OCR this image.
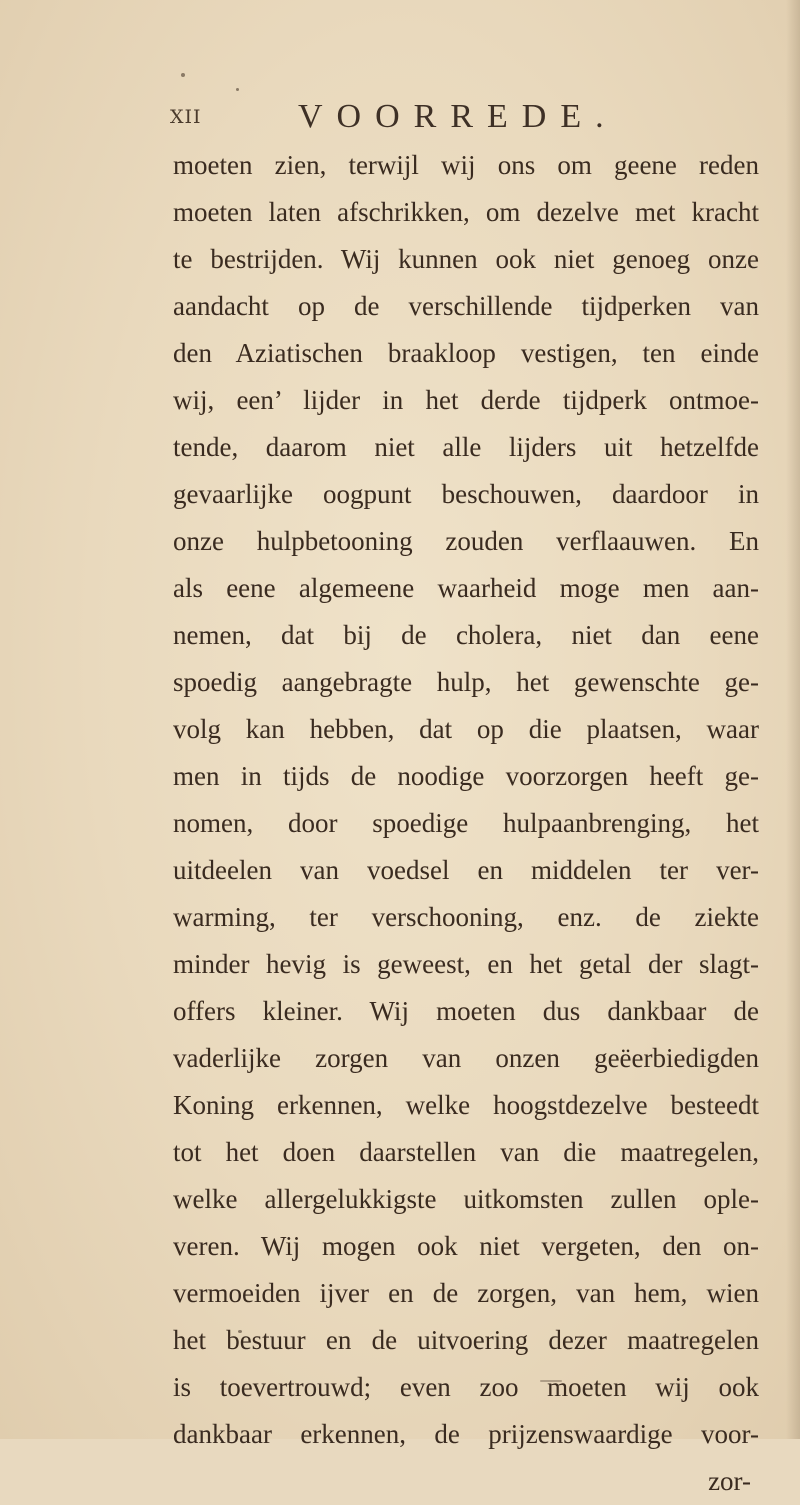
XII	VOORREDE.
moeten zien, terwijl wij ons om geene reden
moeten laten afschrikken, om dezelve met kracht
te bestrijden. Wij kunnen ook niet genoeg onze
aandacht op de verschillende tijdperken van
den Aziatischen braakloop vestigen, ten einde
wij, een’ lijder in het derde tijdperk ontmoe-
tende, daarom niet alle lijders uit hetzelfde
gevaarlijke oogpunt beschouwen, daardoor in
onze hulpbetooning zouden verflaauwen. En
als eene algemeene waarheid moge men aan-
nemen, dat bij de cholera, niet dan eene
spoedig aangebragte hulp, het gewenschte ge-
volg kan hebben, dat op die plaatsen, waar
men in tijds de noodige voorzorgen heeft ge-
nomen, door spoedige hulpaanbrenging, het
uitdeelen van voedsel en middelen ter ver-
warming, ter verschooning, enz. de ziekte
minder hevig is geweest, en het getal der slagt-
offers kleiner. Wij moeten dus dankbaar de
vaderlijke zorgen van onzen geëerbiedigden
Koning erkennen, welke hoogstdezelve besteedt
tot het doen daarstellen van die maatregelen,
welke allergelukkigste uitkomsten zullen ople-
veren. Wij mogen ook niet vergeten, den on-
vermoeiden ijver en de zorgen, van hem, wien
het bestuur en de uitvoering dezer maatregelen
is toevertrouwd; even zoo moeten wij ook
dankbaar erkennen, de prijzenswaardige voor-
zor-
